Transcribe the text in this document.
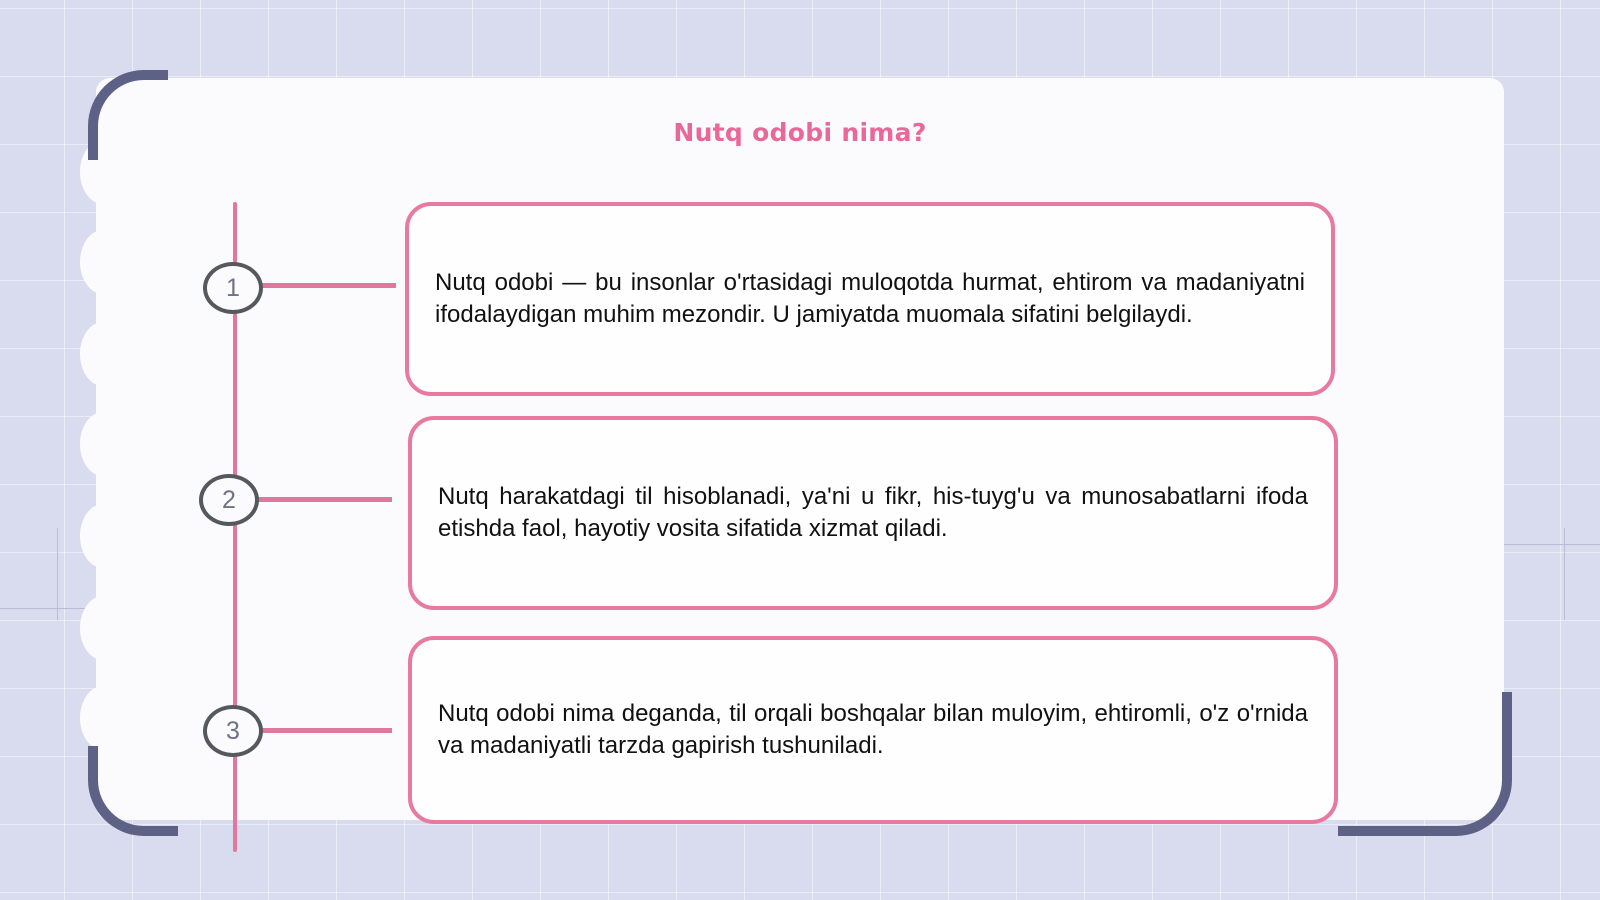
Nutq odobi nima?
1
2
3

Nutq odobi — bu insonlar o'rtasidagi muloqotda hurmat, ehtirom va madaniyatni ifodalaydigan muhim mezondir. U jamiyatda muomala sifatini belgilaydi.

Nutq harakatdagi til hisoblanadi, ya'ni u fikr, his-tuyg'u va munosabatlarni ifoda etishda faol, hayotiy vosita sifatida xizmat qiladi.

Nutq odobi nima deganda, til orqali boshqalar bilan muloyim, ehtiromli, o'z o'rnida va madaniyatli tarzda gapirish tushuniladi.
